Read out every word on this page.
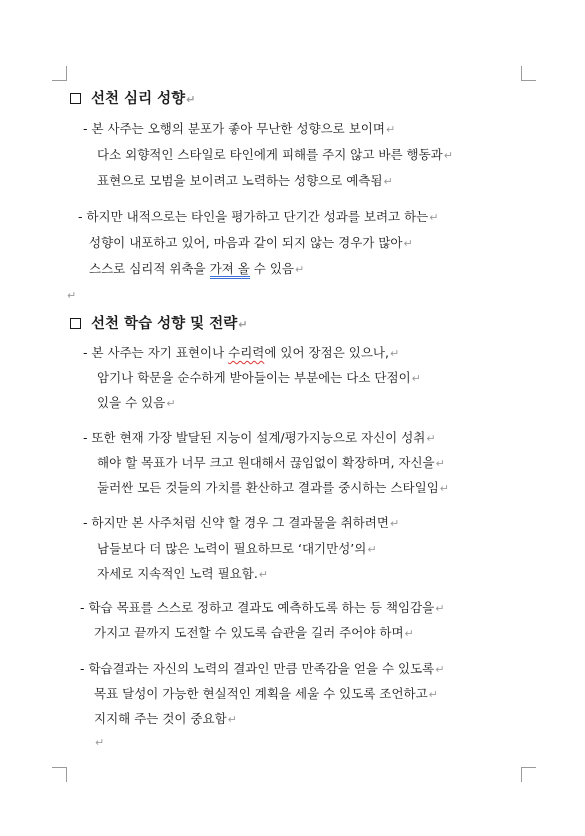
선천 심리 성향↵
- 본 사주는 오행의 분포가 좋아 무난한 성향으로 보이며↵
다소 외향적인 스타일로 타인에게 피해를 주지 않고 바른 행동과↵
표현으로 모범을 보이려고 노력하는 성향으로 예측됨↵
- 하지만 내적으로는 타인을 평가하고 단기간 성과를 보려고 하는↵
성향이 내포하고 있어, 마음과 같이 되지 않는 경우가 많아↵
스스로 심리적 위축을 가져 올 수 있음↵
↵
선천 학습 성향 및 전략↵
- 본 사주는 자기 표현이나 수리력에 있어 장점은 있으나,↵
암기나 학문을 순수하게 받아들이는 부분에는 다소 단점이↵
있을 수 있음↵
- 또한 현재 가장 발달된 지능이 설계/평가지능으로 자신이 성취↵
해야 할 목표가 너무 크고 원대해서 끊임없이 확장하며, 자신을↵
둘러싼 모든 것들의 가치를 환산하고 결과를 중시하는 스타일임↵
- 하지만 본 사주처럼 신약 할 경우 그 결과물을 취하려면↵
남들보다 더 많은 노력이 필요하므로 ‘대기만성’의↵
자세로 지속적인 노력 필요함.↵
- 학습 목표를 스스로 정하고 결과도 예측하도록 하는 등 책임감을↵
가지고 끝까지 도전할 수 있도록 습관을 길러 주어야 하며↵
- 학습결과는 자신의 노력의 결과인 만큼 만족감을 얻을 수 있도록↵
목표 달성이 가능한 현실적인 계획을 세울 수 있도록 조언하고↵
지지해 주는 것이 중요함↵
↵
